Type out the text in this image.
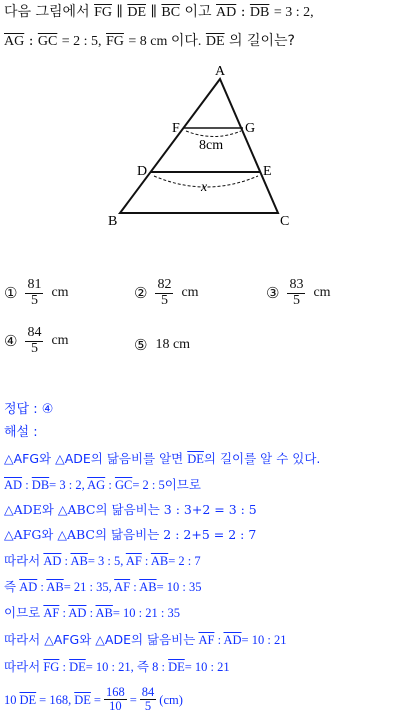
다음 그림에서 $\overline{FG}$ ∥ $\overline{DE}$ ∥ $\overline{BC}$ 이고 $\overline{AD}$ : $\overline{DB} = 3$ : 2,
$\overline{AG}$ : $\overline{GC} = 2$ : 5, $\overline{FG} = 8$ cm 이다. $\overline{DE}$ 의 길이는?
A
B	C
D	E
F	G
8cm
x
① $\frac{81}{5}$ cm	② $\frac{82}{5}$ cm	③ $\frac{83}{5}$ cm
④ $\frac{84}{5}$ cm	⑤ 18 cm
정답 : ④
해설 :
△AFG와 △ADE의 닮음비를 알면 $\overline{DE}$의 길이를 알 수 있다.
$\overline{AD}$ : $\overline{DB}= 3$ : 2, $\overline{AG}$ : $\overline{GC}= 2$ : 5이므로
△ADE와 △ABC의 닮음비는 3 : 3+2 = 3 : 5
△AFG와 △ABC의 닮음비는 2 : 2+5 = 2 : 7
따라서 $\overline{AD}$ : $\overline{AB}= 3$ : 5, $\overline{AF}$ : $\overline{AB}= 2$ : 7
즉 $\overline{AD}$ : $\overline{AB}= 21$ : 35, $\overline{AF}$ : $\overline{AB}= 10$ : 35
이므로 $\overline{AF}$ : $\overline{AD}$ : $\overline{AB}= 10$ : 21 : 35
따라서 △AFG와 △ADE의 닮음비는 $\overline{AF}$ : $\overline{AD}= 10$ : 21
따라서 $\overline{FG}$ : $\overline{DE}= 10$ : 21, 즉 8 : $\overline{DE}= 10$ : 21
10 $\overline{DE} = 168$, $\overline{DE} = \frac{168}{10} = \frac{84}{5} (cm)$
